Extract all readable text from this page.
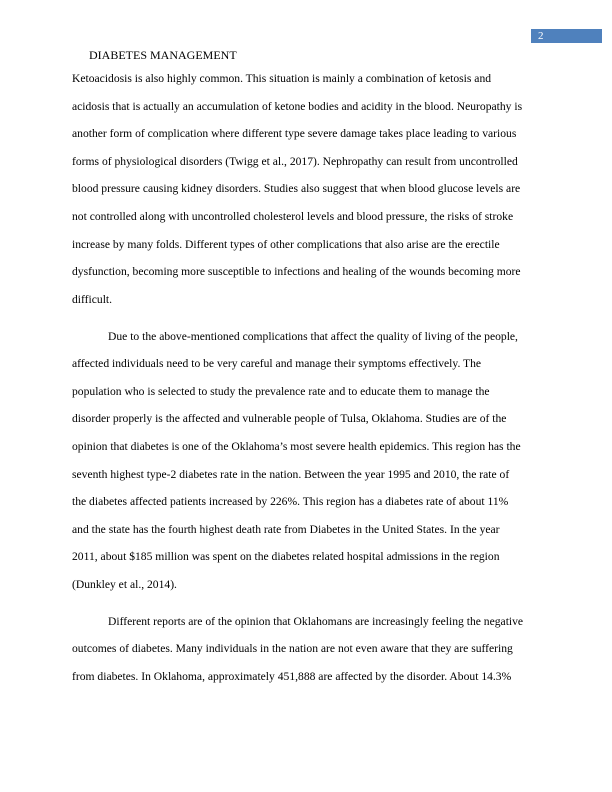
2
DIABETES MANAGEMENT

Ketoacidosis is also highly common. This situation is mainly a combination of ketosis and
acidosis that is actually an accumulation of ketone bodies and acidity in the blood. Neuropathy is
another form of complication where different type severe damage takes place leading to various
forms of physiological disorders (Twigg et al., 2017). Nephropathy can result from uncontrolled
blood pressure causing kidney disorders. Studies also suggest that when blood glucose levels are
not controlled along with uncontrolled cholesterol levels and blood pressure, the risks of stroke
increase by many folds. Different types of other complications that also arise are the erectile
dysfunction, becoming more susceptible to infections and healing of the wounds becoming more
difficult.

Due to the above-mentioned complications that affect the quality of living of the people,
affected individuals need to be very careful and manage their symptoms effectively. The
population who is selected to study the prevalence rate and to educate them to manage the
disorder properly is the affected and vulnerable people of Tulsa, Oklahoma. Studies are of the
opinion that diabetes is one of the Oklahoma’s most severe health epidemics. This region has the
seventh highest type-2 diabetes rate in the nation. Between the year 1995 and 2010, the rate of
the diabetes affected patients increased by 226%. This region has a diabetes rate of about 11%
and the state has the fourth highest death rate from Diabetes in the United States. In the year
2011, about $185 million was spent on the diabetes related hospital admissions in the region
(Dunkley et al., 2014).

Different reports are of the opinion that Oklahomans are increasingly feeling the negative
outcomes of diabetes. Many individuals in the nation are not even aware that they are suffering
from diabetes. In Oklahoma, approximately 451,888 are affected by the disorder. About 14.3%
